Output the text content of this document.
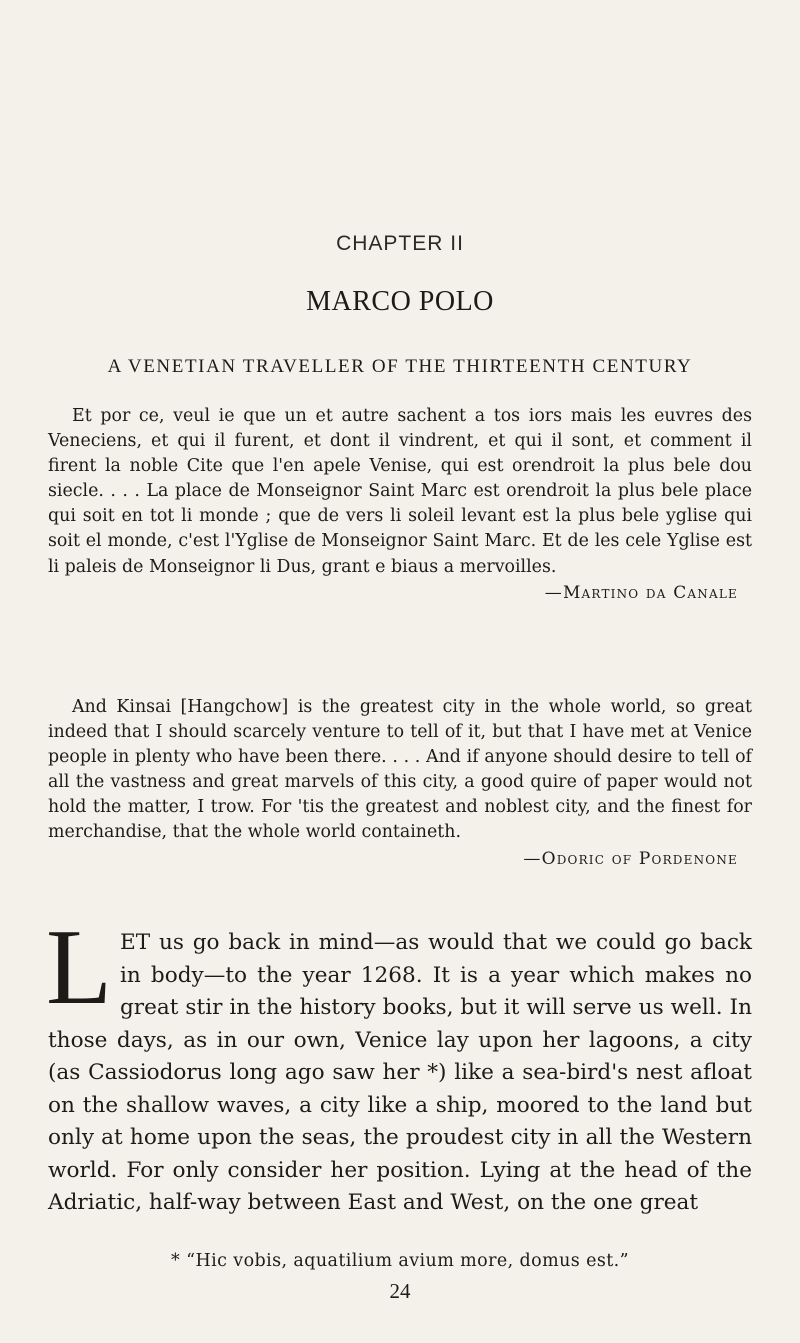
CHAPTER II
MARCO POLO
A VENETIAN TRAVELLER OF THE THIRTEENTH CENTURY

Et por ce, veul ie que un et autre sachent a tos iors mais les euvres des Veneciens, et qui il furent, et dont il vindrent, et qui il sont, et comment il firent la noble Cite que l'en apele Venise, qui est orendroit la plus bele dou siecle. . . . La place de Monseignor Saint Marc est orendroit la plus bele place qui soit en tot li monde ; que de vers li soleil levant est la plus bele yglise qui soit el monde, c'est l'Yglise de Monseignor Saint Marc. Et de les cele Yglise est li paleis de Monseignor li Dus, grant e biaus a mervoilles.

—Martino da Canale

And Kinsai [Hangchow] is the greatest city in the whole world, so great indeed that I should scarcely venture to tell of it, but that I have met at Venice people in plenty who have been there. . . . And if anyone should desire to tell of all the vastness and great marvels of this city, a good quire of paper would not hold the matter, I trow. For 'tis the greatest and noblest city, and the finest for merchandise, that the whole world containeth.

—Odoric of Pordenone

LET us go back in mind—as would that we could go back in body—to the year 1268. It is a year which makes no great stir in the history books, but it will serve us well. In those days, as in our own, Venice lay upon her lagoons, a city (as Cassiodorus long ago saw her *) like a sea-bird's nest afloat on the shallow waves, a city like a ship, moored to the land but only at home upon the seas, the proudest city in all the Western world. For only consider her position. Lying at the head of the Adriatic, half-way between East and West, on the one great

* “Hic vobis, aquatilium avium more, domus est.”
24
